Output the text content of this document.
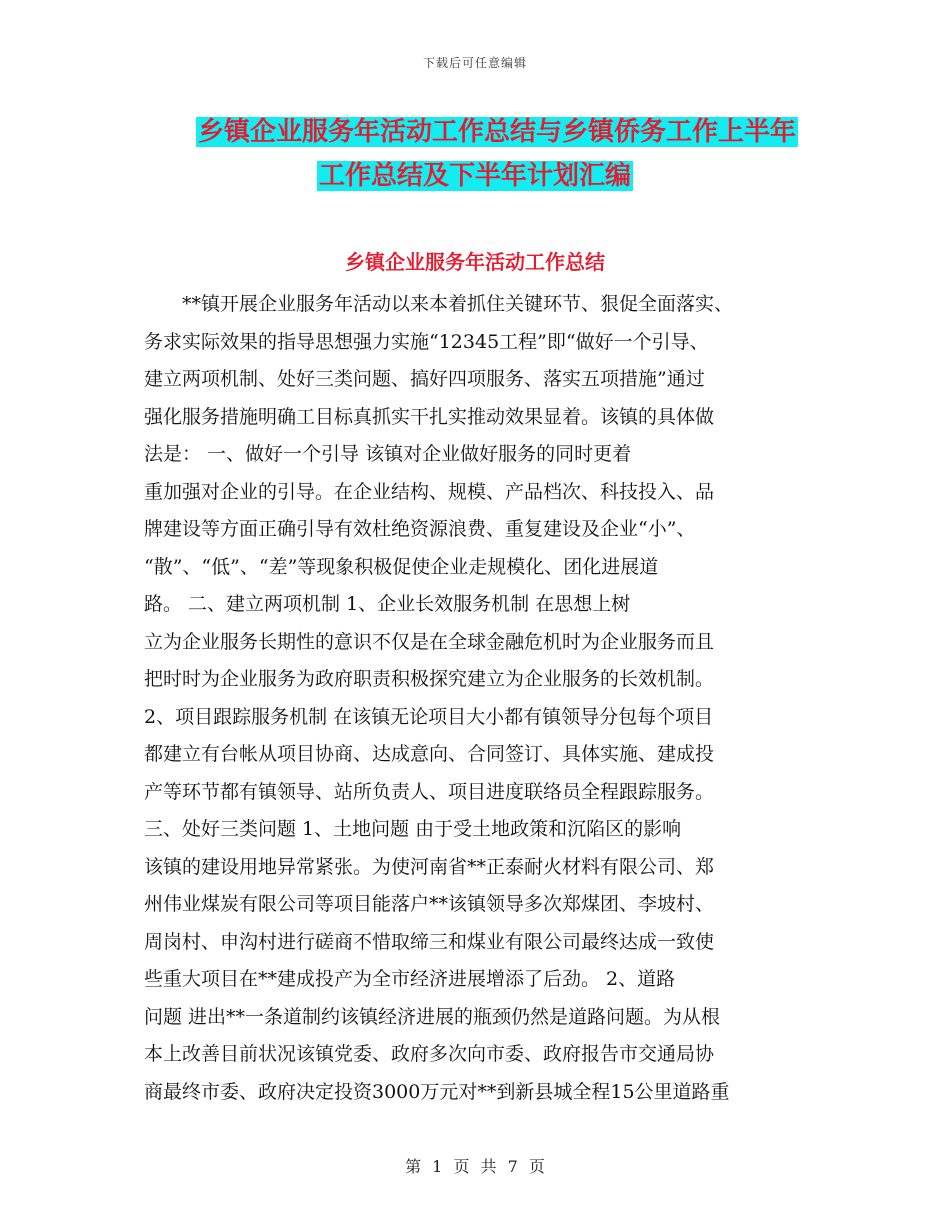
下载后可任意编辑
乡镇企业服务年活动工作总结与乡镇侨务工作上半年
工作总结及下半年计划汇编
乡镇企业服务年活动工作总结
**镇开展企业服务年活动以来本着抓住关键环节、狠促全面落实、
务求实际效果的指导思想强力实施“12345工程”即“做好一个引导、
建立两项机制、处好三类问题、搞好四项服务、落实五项措施”通过
强化服务措施明确工目标真抓实干扎实推动效果显着。该镇的具体做
法是： 一、做好一个引导 该镇对企业做好服务的同时更着
重加强对企业的引导。在企业结构、规模、产品档次、科技投入、品
牌建设等方面正确引导有效杜绝资源浪费、重复建设及企业“小”、
“散”、“低”、“差”等现象积极促使企业走规模化、团化进展道
路。 二、建立两项机制 1、企业长效服务机制 在思想上树
立为企业服务长期性的意识不仅是在全球金融危机时为企业服务而且
把时时为企业服务为政府职责积极探究建立为企业服务的长效机制。
2、项目跟踪服务机制 在该镇无论项目大小都有镇领导分包每个项目
都建立有台帐从项目协商、达成意向、合同签订、具体实施、建成投
产等环节都有镇领导、站所负责人、项目进度联络员全程跟踪服务。
三、处好三类问题 1、土地问题 由于受土地政策和沉陷区的影响
该镇的建设用地异常紧张。为使河南省**正泰耐火材料有限公司、郑
州伟业煤炭有限公司等项目能落户**该镇领导多次郑煤团、李坡村、
周岗村、申沟村进行磋商不惜取缔三和煤业有限公司最终达成一致使
些重大项目在**建成投产为全市经济进展增添了后劲。 2、道路
问题 进出**一条道制约该镇经济进展的瓶颈仍然是道路问题。为从根
本上改善目前状况该镇党委、政府多次向市委、政府报告市交通局协
商最终市委、政府决定投资3000万元对**到新县城全程15公里道路重
第 1 页 共 7 页
